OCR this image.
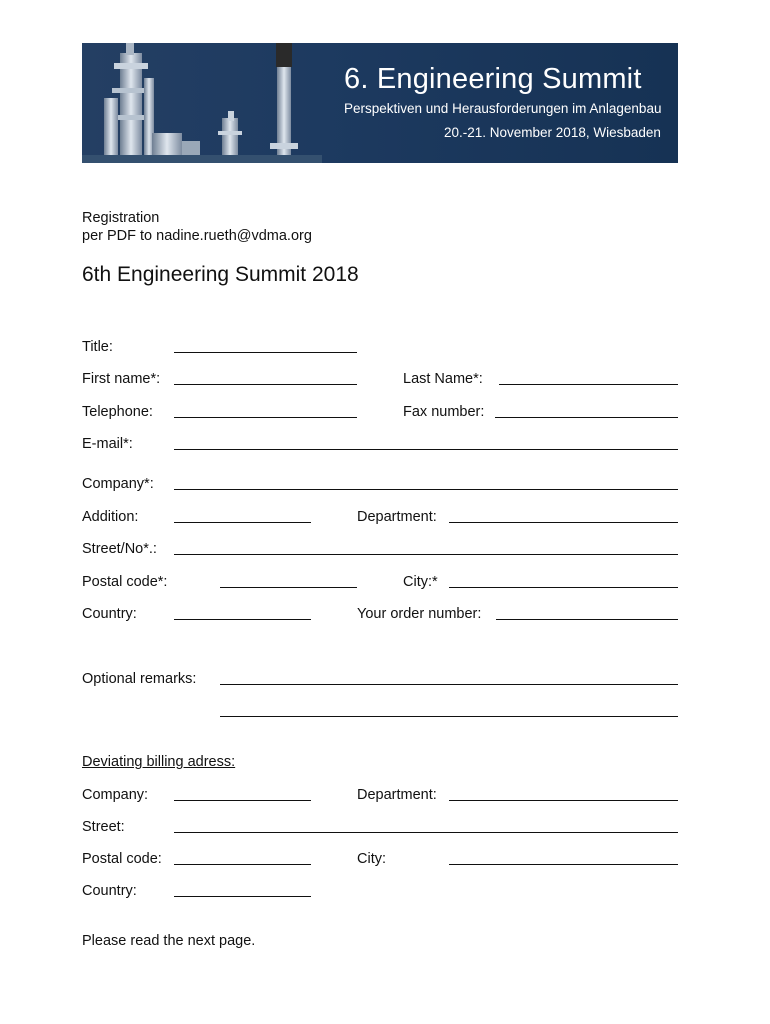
6. Engineering Summit
Perspektiven und Herausforderungen im Anlagenbau
20.-21. November 2018, Wiesbaden
Registration
per PDF to nadine.rueth@vdma.org
6th Engineering Summit 2018
Title:
First name*:	Last Name*:
Telephone:	Fax number:
E-mail*:
Company*:
Addition:	Department:
Street/No*.:
Postal code*:	City:*
Country:	Your order number:
Optional remarks:
Deviating billing adress:
Company:	Department:
Street:
Postal code:	City:
Country:
Please read the next page.
